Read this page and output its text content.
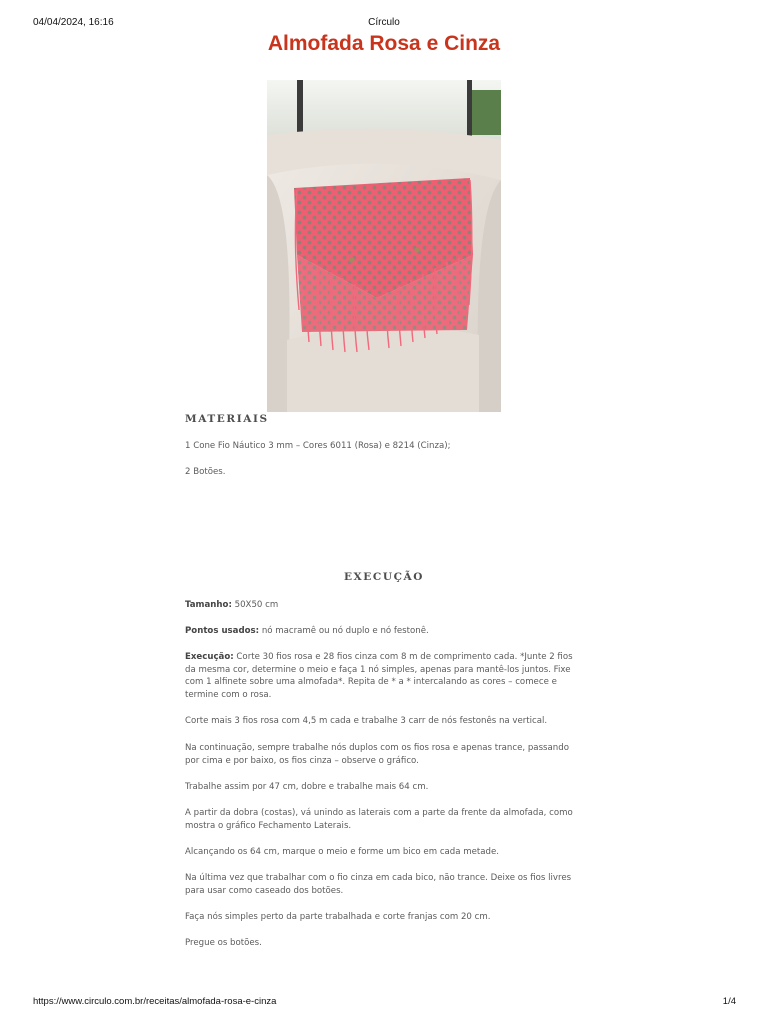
04/04/2024, 16:16	Círculo
Almofada Rosa e Cinza
MATERIAIS

1 Cone Fio Náutico 3 mm – Cores 6011 (Rosa) e 8214 (Cinza);

2 Botões.

EXECUÇÃO

Tamanho: 50X50 cm

Pontos usados: nó macramê ou nó duplo e nó festonê.

Execução: Corte 30 fios rosa e 28 fios cinza com 8 m de comprimento cada. *Junte 2 fios da mesma cor, determine o meio e faça 1 nó simples, apenas para mantê-los juntos. Fixe com 1 alfinete sobre uma almofada*. Repita de * a * intercalando as cores – comece e termine com o rosa.

Corte mais 3 fios rosa com 4,5 m cada e trabalhe 3 carr de nós festonês na vertical.

Na continuação, sempre trabalhe nós duplos com os fios rosa e apenas trance, passando por cima e por baixo, os fios cinza – observe o gráfico.

Trabalhe assim por 47 cm, dobre e trabalhe mais 64 cm.

A partir da dobra (costas), vá unindo as laterais com a parte da frente da almofada, como mostra o gráfico Fechamento Laterais.

Alcançando os 64 cm, marque o meio e forme um bico em cada metade.

Na última vez que trabalhar com o fio cinza em cada bico, não trance. Deixe os fios livres para usar como caseado dos botões.

Faça nós simples perto da parte trabalhada e corte franjas com 20 cm.

Pregue os botões.

https://www.circulo.com.br/receitas/almofada-rosa-e-cinza	1/4
